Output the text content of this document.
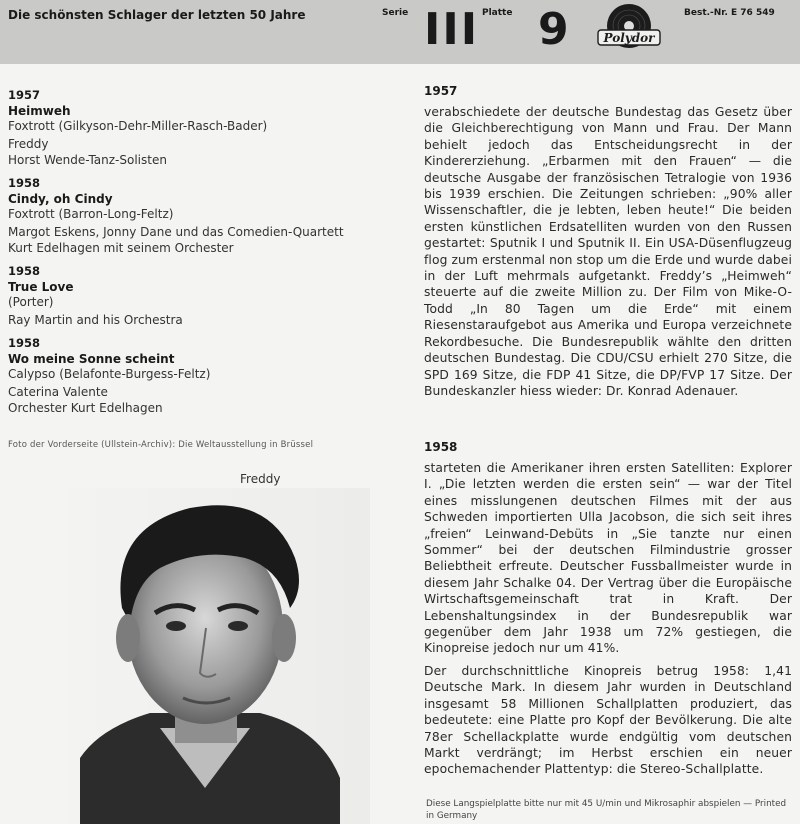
Die schönsten Schlager der letzten 50 Jahre	Serie III Platte 9	Polydor
Best.-Nr. E 76 549

1957

Heimweh

Foxtrott (Gilkyson-Dehr-Miller-Rasch-Bader)

Freddy

Horst Wende-Tanz-Solisten

1958

Cindy, oh Cindy

Foxtrott (Barron-Long-Feltz)

Margot Eskens, Jonny Dane und das Comedien-Quartett

Kurt Edelhagen mit seinem Orchester

1958

True Love

(Porter)

Ray Martin and his Orchestra

1958

Wo meine Sonne scheint

Calypso (Belafonte-Burgess-Feltz)

Caterina Valente

Orchester Kurt Edelhagen

Foto der Vorderseite (Ullstein-Archiv): Die Weltausstellung in Brüssel
Freddy

1957

verabschiedete der deutsche Bundestag das Gesetz über die Gleichberechtigung von Mann und Frau. Der Mann behielt jedoch das Entscheidungsrecht in der Kindererziehung. „Erbarmen mit den Frauen“ — die deutsche Ausgabe der französischen Tetralogie von 1936 bis 1939 erschien. Die Zeitungen schrieben: „90% aller Wissenschaftler, die je lebten, leben heute!“ Die beiden ersten künstlichen Erdsatelliten wurden von den Russen gestartet: Sputnik I und Sputnik II. Ein USA-Düsenflugzeug flog zum erstenmal non stop um die Erde und wurde dabei in der Luft mehrmals aufgetankt. Freddy’s „Heimweh“ steuerte auf die zweite Million zu. Der Film von Mike-O-Todd „In 80 Tagen um die Erde“ mit einem Riesenstaraufgebot aus Amerika und Europa verzeichnete Rekordbesuche. Die Bundesrepublik wählte den dritten deutschen Bundestag. Die CDU/CSU erhielt 270 Sitze, die SPD 169 Sitze, die FDP 41 Sitze, die DP/FVP 17 Sitze. Der Bundeskanzler hiess wieder: Dr. Konrad Adenauer.

1958

starteten die Amerikaner ihren ersten Satelliten: Explorer I. „Die letzten werden die ersten sein“ — war der Titel eines misslungenen deutschen Filmes mit der aus Schweden importierten Ulla Jacobson, die sich seit ihres „freien“ Leinwand-Debüts in „Sie tanzte nur einen Sommer“ bei der deutschen Filmindustrie grosser Beliebtheit erfreute. Deutscher Fussballmeister wurde in diesem Jahr Schalke 04. Der Vertrag über die Europäische Wirtschaftsgemeinschaft trat in Kraft. Der Lebenshaltungsindex in der Bundesrepublik war gegenüber dem Jahr 1938 um 72% gestiegen, die Kinopreise jedoch nur um 41%.

Der durchschnittliche Kinopreis betrug 1958: 1,41 Deutsche Mark. In diesem Jahr wurden in Deutschland insgesamt 58 Millionen Schallplatten produziert, das bedeutete: eine Platte pro Kopf der Bevölkerung. Die alte 78er Schellackplatte wurde endgültig vom deutschen Markt verdrängt; im Herbst erschien ein neuer epochemachender Plattentyp: die Stereo-Schallplatte.

Diese Langspielplatte bitte nur mit 45 U/min und Mikrosaphir abspielen — Printed in Germany
